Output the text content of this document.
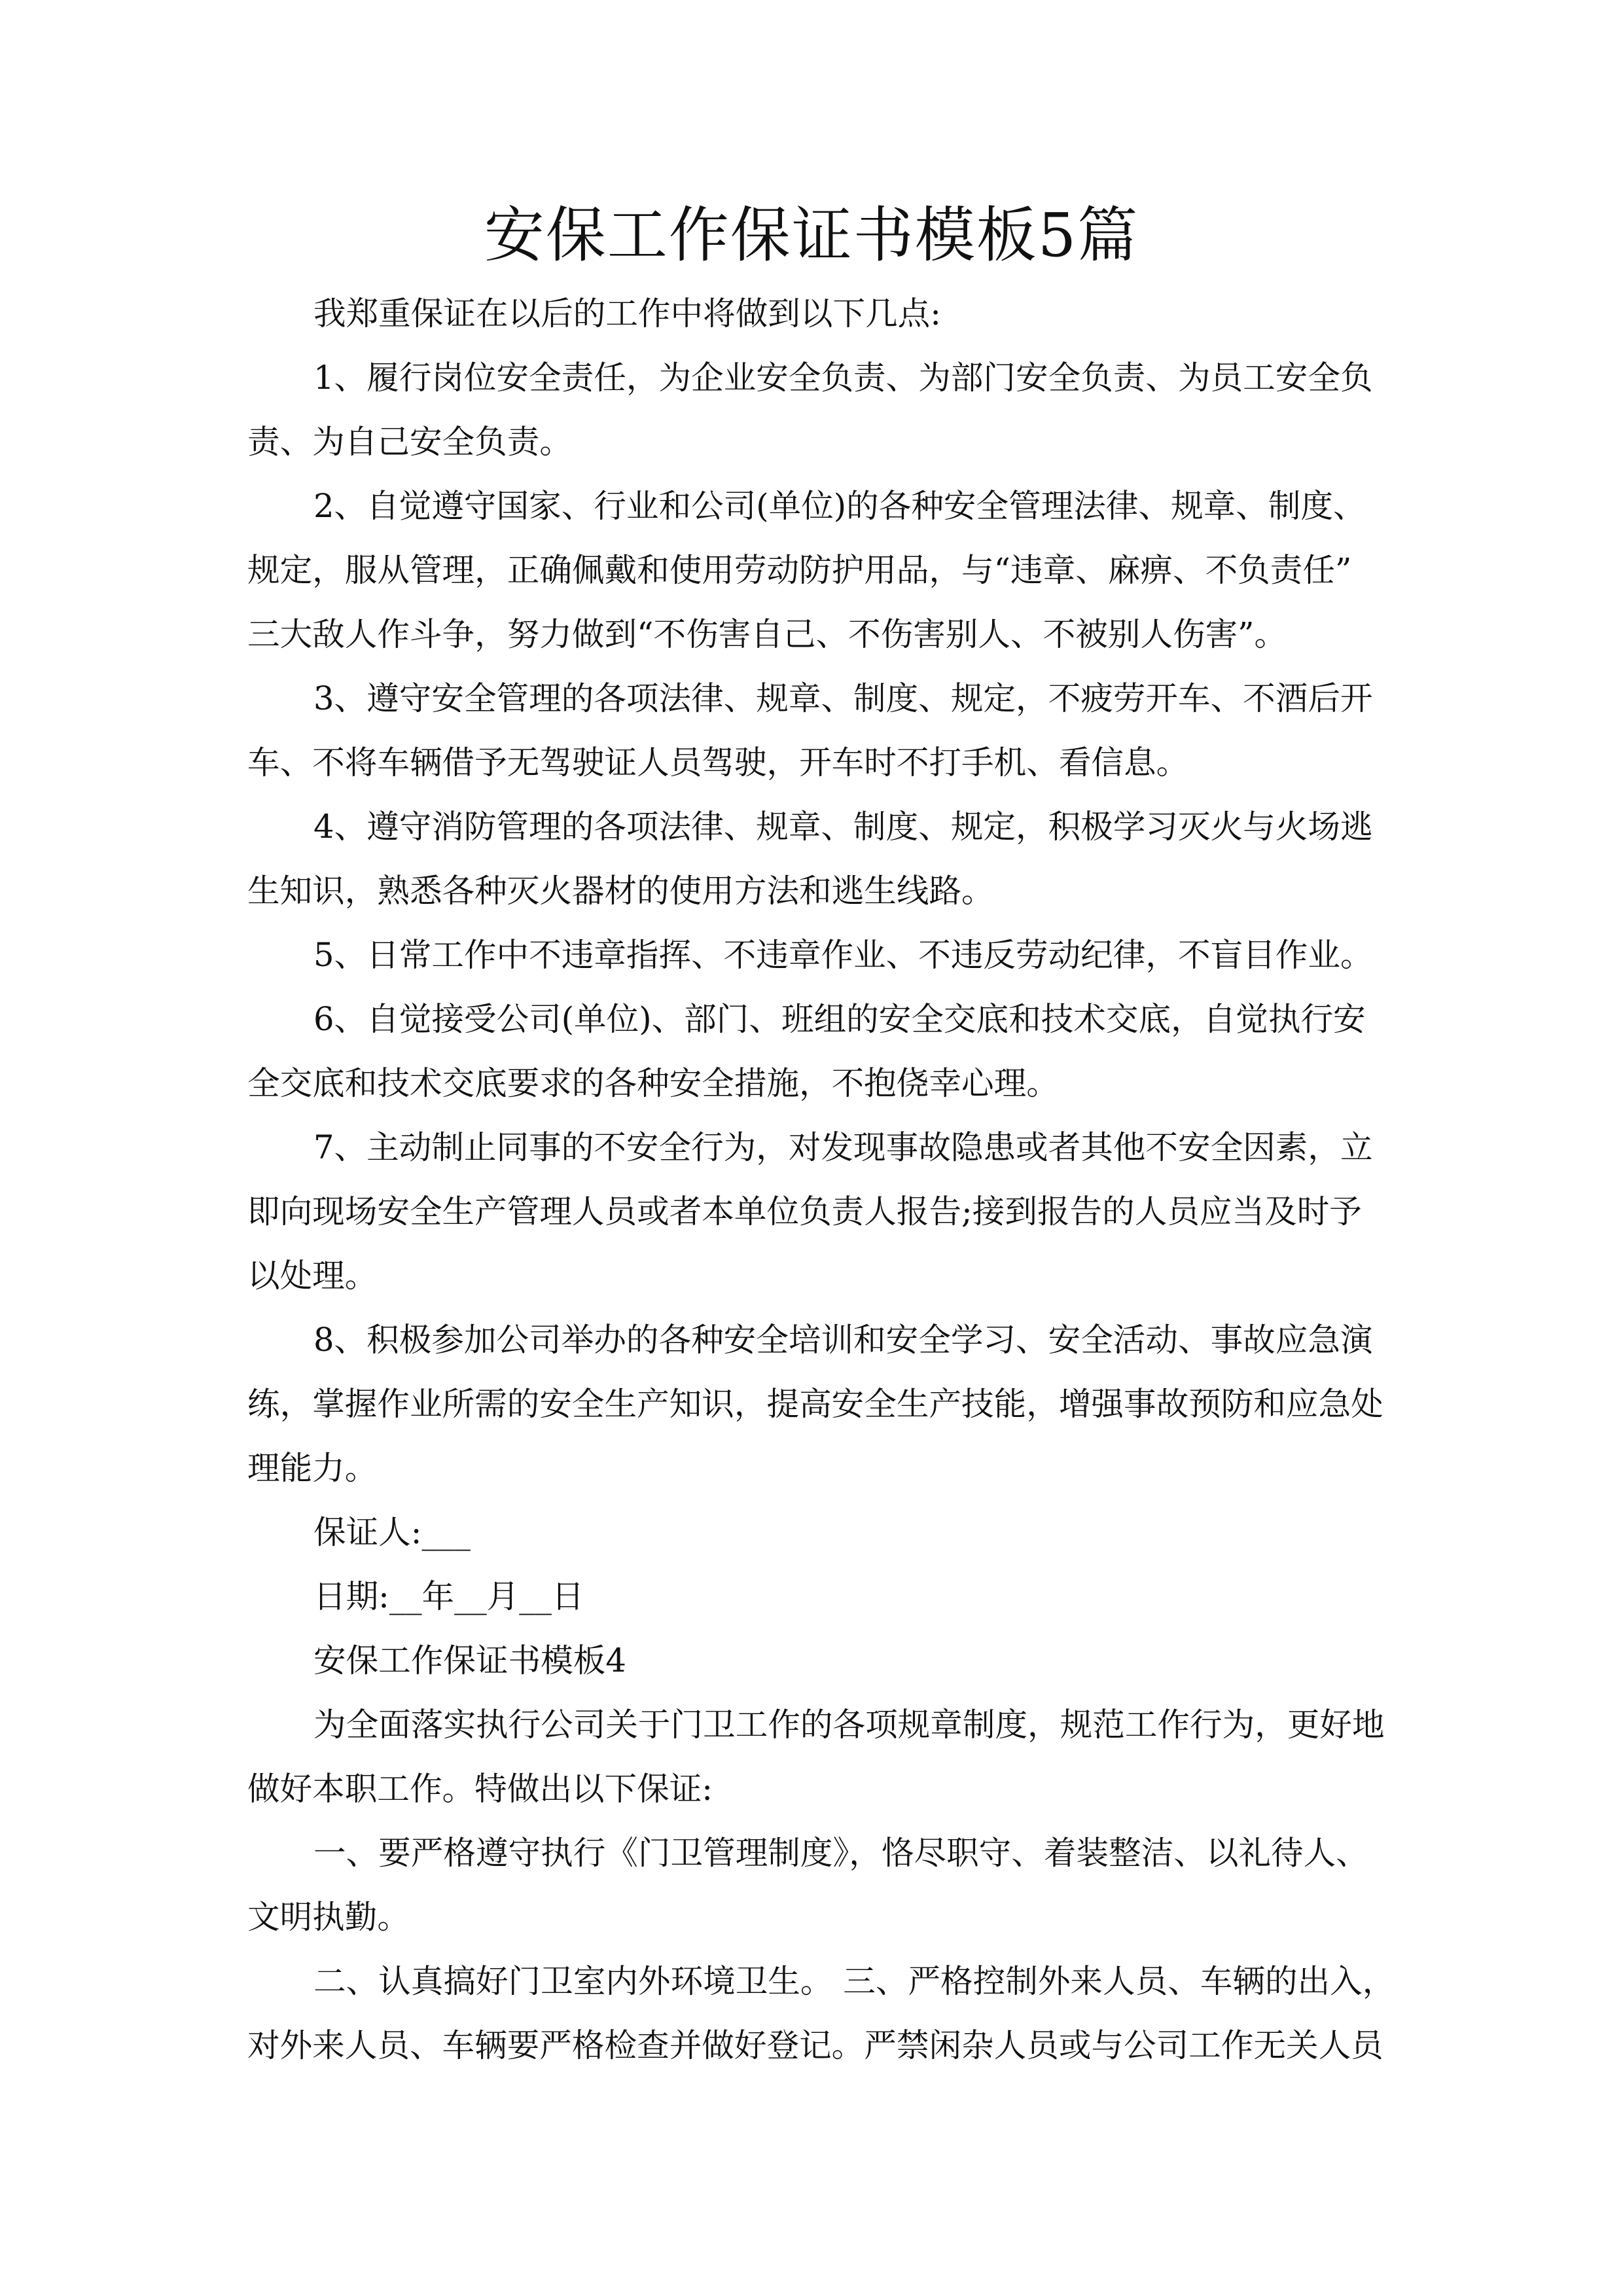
安保工作保证书模板5篇
我郑重保证在以后的工作中将做到以下几点:
1、履行岗位安全责任，为企业安全负责、为部门安全负责、为员工安全负
责、为自己安全负责。
2、自觉遵守国家、行业和公司(单位)的各种安全管理法律、规章、制度、
规定，服从管理，正确佩戴和使用劳动防护用品，与“违章、麻痹、不负责任”
三大敌人作斗争，努力做到“不伤害自己、不伤害别人、不被别人伤害”。
3、遵守安全管理的各项法律、规章、制度、规定，不疲劳开车、不酒后开
车、不将车辆借予无驾驶证人员驾驶，开车时不打手机、看信息。
4、遵守消防管理的各项法律、规章、制度、规定，积极学习灭火与火场逃
生知识，熟悉各种灭火器材的使用方法和逃生线路。
5、日常工作中不违章指挥、不违章作业、不违反劳动纪律，不盲目作业。
6、自觉接受公司(单位)、部门、班组的安全交底和技术交底，自觉执行安
全交底和技术交底要求的各种安全措施，不抱侥幸心理。
7、主动制止同事的不安全行为，对发现事故隐患或者其他不安全因素，立
即向现场安全生产管理人员或者本单位负责人报告;接到报告的人员应当及时予
以处理。
8、积极参加公司举办的各种安全培训和安全学习、安全活动、事故应急演
练，掌握作业所需的安全生产知识，提高安全生产技能，增强事故预防和应急处
理能力。
保证人:___
日期:__年__月__日
安保工作保证书模板4
为全面落实执行公司关于门卫工作的各项规章制度，规范工作行为，更好地
做好本职工作。特做出以下保证:
一、要严格遵守执行《门卫管理制度》，恪尽职守、着装整洁、以礼待人、
文明执勤。
二、认真搞好门卫室内外环境卫生。 三、严格控制外来人员、车辆的出入，
对外来人员、车辆要严格检查并做好登记。严禁闲杂人员或与公司工作无关人员
